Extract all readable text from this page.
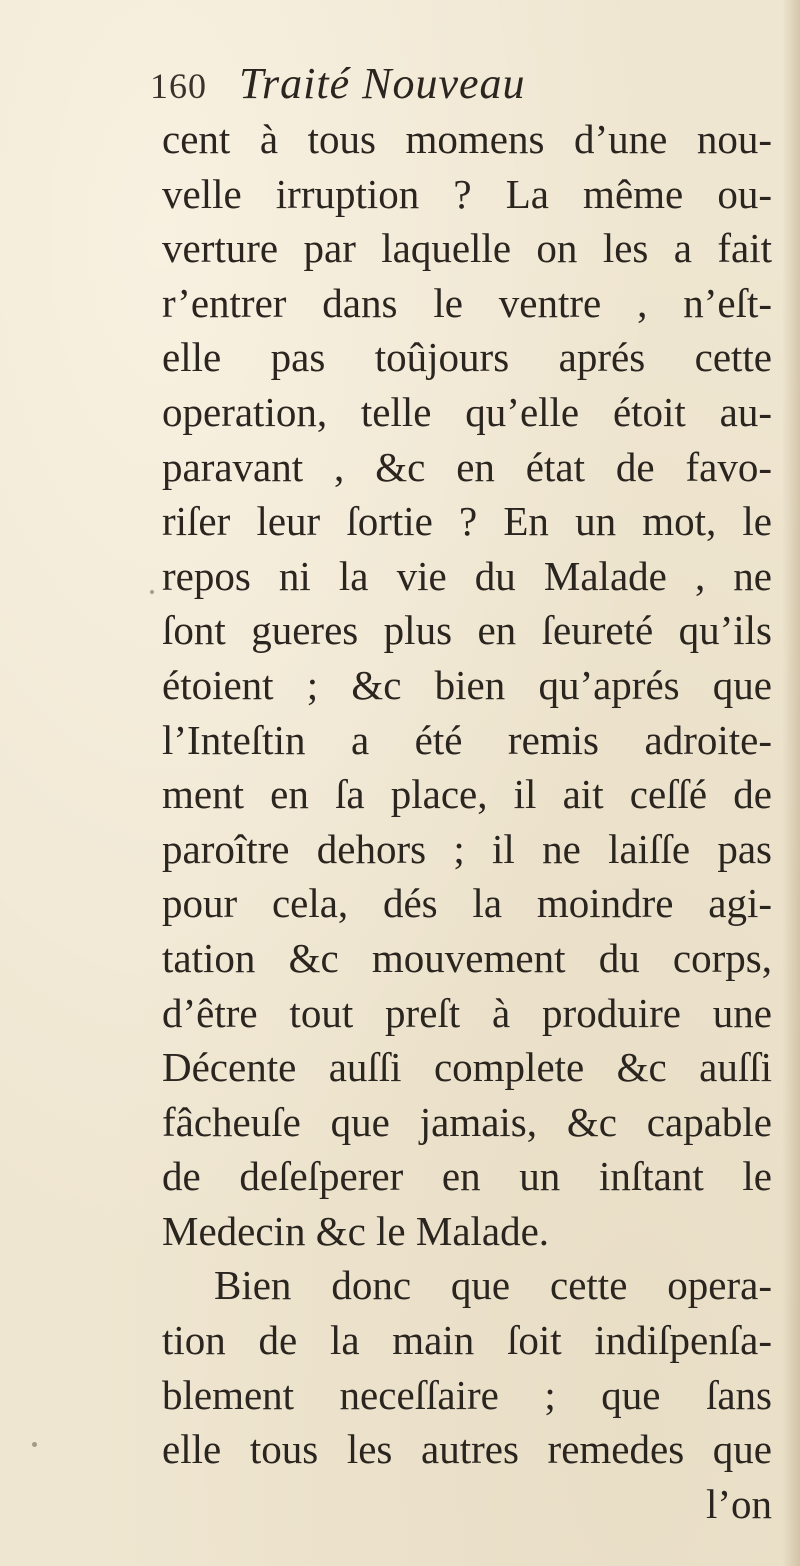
160 Traité Nouveau
cent à tous momens d’une nou-
velle irruption ? La même ou-
verture par laquelle on les a fait
r’entrer dans le ventre , n’eſt-
elle pas toûjours aprés cette
operation, telle qu’elle étoit au-
paravant , &c en état de favo-
riſer leur ſortie ? En un mot, le
repos ni la vie du Malade , ne
ſont gueres plus en ſeureté qu’ils
étoient ; &c bien qu’aprés que
l’Inteſtin a été remis adroite-
ment en ſa place, il ait ceſſé de
paroître dehors ; il ne laiſſe pas
pour cela, dés la moindre agi-
tation &c mouvement du corps,
d’être tout preſt à produire une
Décente auſſi complete &c auſſi
fâcheuſe que jamais, &c capable
de deſeſperer en un inſtant le
Medecin &c le Malade.
Bien donc que cette opera-
tion de la main ſoit indiſpenſa-
blement neceſſaire ; que ſans
elle tous les autres remedes que
l’on
